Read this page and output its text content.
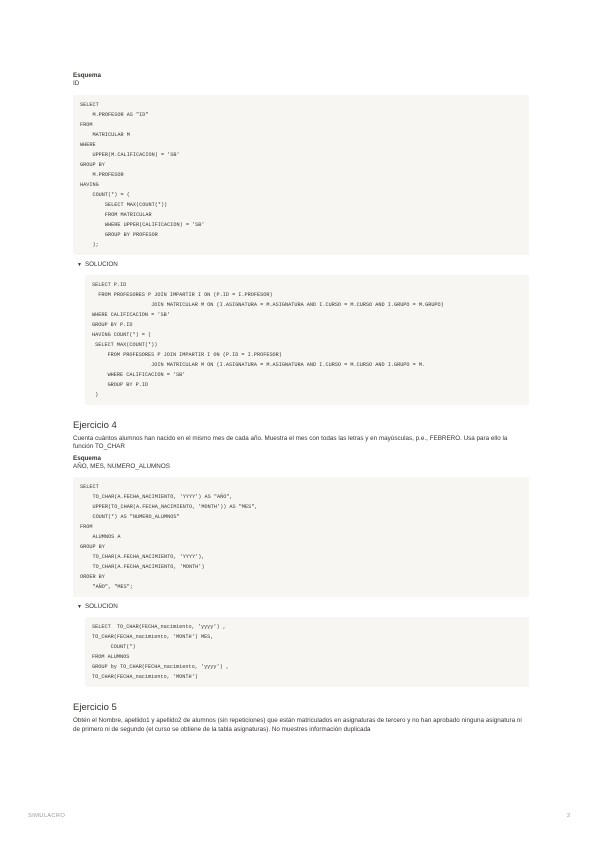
Esquema
ID
SELECT
M.PROFESOR AS "ID"
FROM
MATRICULAR M
WHERE
UPPER(M.CALIFICACION) = 'SB'
GROUP BY
M.PROFESOR
HAVING
COUNT(*) = (
SELECT MAX(COUNT(*))
FROM MATRICULAR
WHERE UPPER(CALIFICACION) = 'SB'
GROUP BY PROFESOR
);
▼ SOLUCION
SELECT P.ID
FROM PROFESORES P JOIN IMPARTIR I ON (P.ID = I.PROFESOR)
JOIN MATRICULAR M ON (I.ASIGNATURA = M.ASIGNATURA AND I.CURSO = M.CURSO AND I.GRUPO = M.GRUPO)
WHERE CALIFICACION = 'SB'
GROUP BY P.ID
HAVING COUNT(*) = (
SELECT MAX(COUNT(*))
FROM PROFESORES P JOIN IMPARTIR I ON (P.ID = I.PROFESOR)
JOIN MATRICULAR M ON (I.ASIGNATURA = M.ASIGNATURA AND I.CURSO = M.CURSO AND I.GRUPO = M.
WHERE CALIFICACION = 'SB'
GROUP BY P.ID
)
Ejercicio 4
Cuenta cuántos alumnos han nacido en el mismo mes de cada año. Muestra el mes con todas las letras y en mayúsculas, p.e., FEBRERO. Usa para ello la función TO_CHAR
Esquema
AÑO, MES, NUMERO_ALUMNOS
SELECT
TO_CHAR(A.FECHA_NACIMIENTO, 'YYYY') AS "AÑO",
UPPER(TO_CHAR(A.FECHA_NACIMIENTO, 'MONTH')) AS "MES",
COUNT(*) AS "NUMERO_ALUMNOS"
FROM
ALUMNOS A
GROUP BY
TO_CHAR(A.FECHA_NACIMIENTO, 'YYYY'),
TO_CHAR(A.FECHA_NACIMIENTO, 'MONTH')
ORDER BY
"AÑO", "MES";
▼ SOLUCION
SELECT  TO_CHAR(FECHA_nacimiento, 'yyyy') ,
TO_CHAR(FECHA_nacimiento, 'MONTH') MES,
COUNT(*)
FROM ALUMNOS
GROUP by TO_CHAR(FECHA_nacimiento, 'yyyy') ,
TO_CHAR(FECHA_nacimiento, 'MONTH')
Ejercicio 5
Obtén el Nombre, apellido1 y apellido2 de alumnos (sin repeticiones) que están matriculados en asignaturas de tercero y no han aprobado ninguna asignatura ni de primero ni de segundo (el curso se obtiene de la tabla asignaturas). No muestres información duplicada
SIMULACRO	2
